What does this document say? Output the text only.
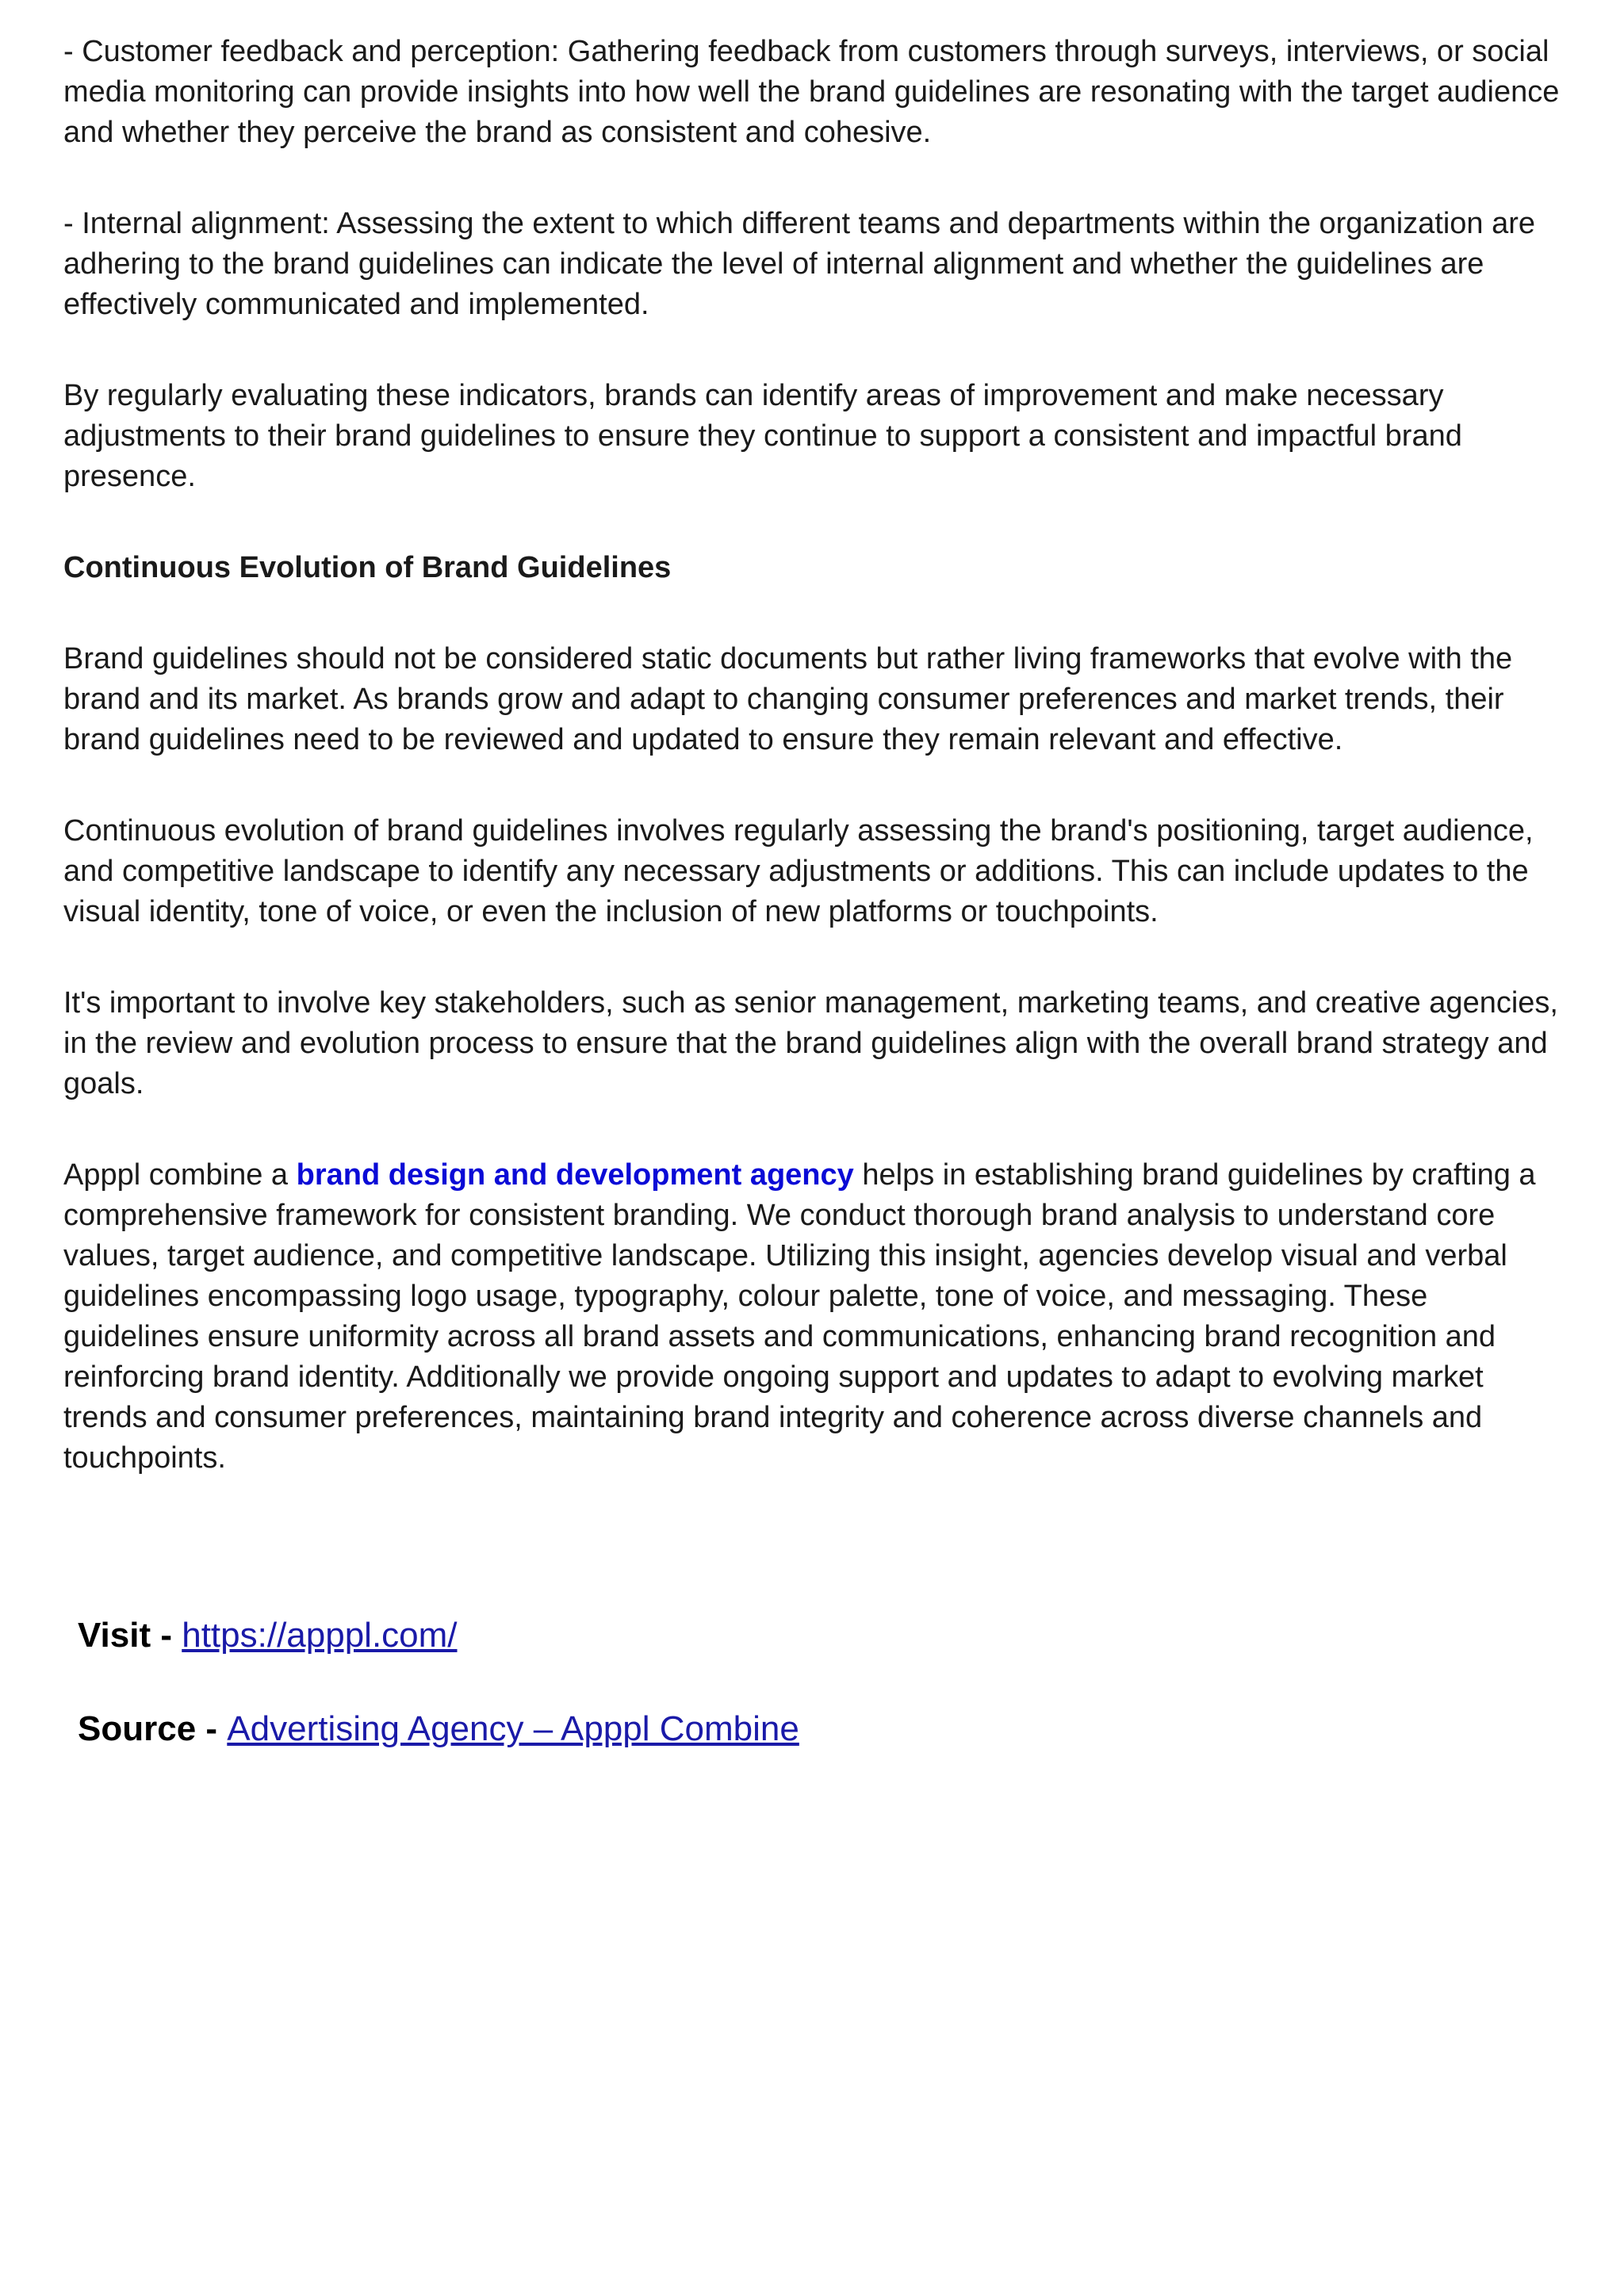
- Customer feedback and perception: Gathering feedback from customers through surveys, interviews, or social media monitoring can provide insights into how well the brand guidelines are resonating with the target audience and whether they perceive the brand as consistent and cohesive.

- Internal alignment: Assessing the extent to which different teams and departments within the organization are adhering to the brand guidelines can indicate the level of internal alignment and whether the guidelines are effectively communicated and implemented.

By regularly evaluating these indicators, brands can identify areas of improvement and make necessary adjustments to their brand guidelines to ensure they continue to support a consistent and impactful brand presence.

Continuous Evolution of Brand Guidelines

Brand guidelines should not be considered static documents but rather living frameworks that evolve with the brand and its market. As brands grow and adapt to changing consumer preferences and market trends, their brand guidelines need to be reviewed and updated to ensure they remain relevant and effective.

Continuous evolution of brand guidelines involves regularly assessing the brand's positioning, target audience, and competitive landscape to identify any necessary adjustments or additions. This can include updates to the visual identity, tone of voice, or even the inclusion of new platforms or touchpoints.

It's important to involve key stakeholders, such as senior management, marketing teams, and creative agencies, in the review and evolution process to ensure that the brand guidelines align with the overall brand strategy and goals.

Apppl combine a brand design and development agency helps in establishing brand guidelines by crafting a comprehensive framework for consistent branding. We conduct thorough brand analysis to understand core values, target audience, and competitive landscape. Utilizing this insight, agencies develop visual and verbal guidelines encompassing logo usage, typography, colour palette, tone of voice, and messaging. These guidelines ensure uniformity across all brand assets and communications, enhancing brand recognition and reinforcing brand identity. Additionally we provide ongoing support and updates to adapt to evolving market trends and consumer preferences, maintaining brand integrity and coherence across diverse channels and touchpoints.

Visit - https://apppl.com/
Source - Advertising Agency – Apppl Combine
